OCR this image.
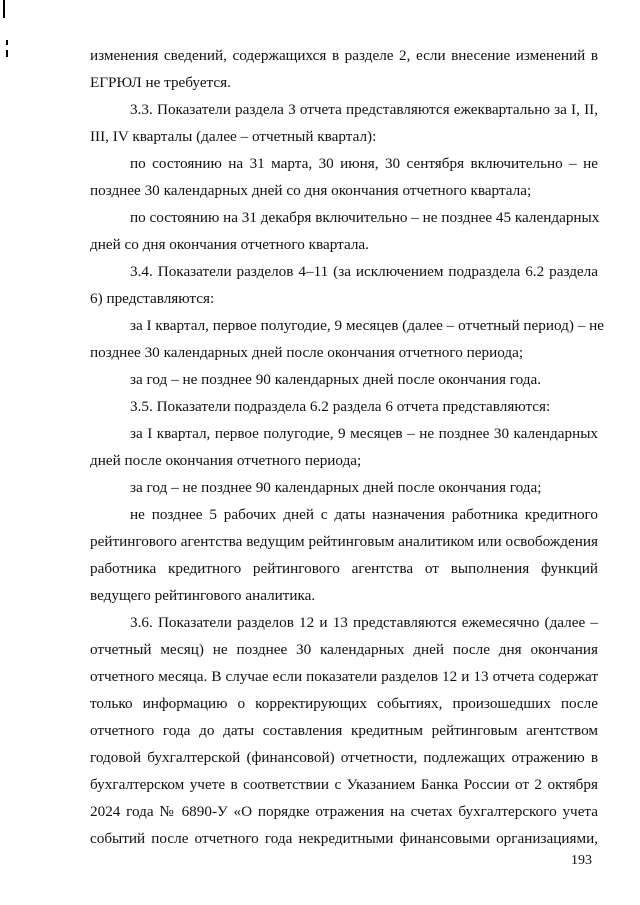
изменения сведений, содержащихся в разделе 2, если внесение изменений в
ЕГРЮЛ не требуется.
3.3. Показатели раздела 3 отчета представляются ежеквартально за I, II,
III, IV кварталы (далее – отчетный квартал):
по состоянию на 31 марта, 30 июня, 30 сентября включительно – не
позднее 30 календарных дней со дня окончания отчетного квартала;
по состоянию на 31 декабря включительно – не позднее 45 календарных
дней со дня окончания отчетного квартала.
3.4. Показатели разделов 4–11 (за исключением подраздела 6.2 раздела
6) представляются:
за I квартал, первое полугодие, 9 месяцев (далее – отчетный период) – не
позднее 30 календарных дней после окончания отчетного периода;
за год – не позднее 90 календарных дней после окончания года.
3.5. Показатели подраздела 6.2 раздела 6 отчета представляются:
за I квартал, первое полугодие, 9 месяцев – не позднее 30 календарных
дней после окончания отчетного периода;
за год – не позднее 90 календарных дней после окончания года;
не позднее 5 рабочих дней с даты назначения работника кредитного
рейтингового агентства ведущим рейтинговым аналитиком или освобождения
работника кредитного рейтингового агентства от выполнения функций
ведущего рейтингового аналитика.
3.6. Показатели разделов 12 и 13 представляются ежемесячно (далее –
отчетный месяц) не позднее 30 календарных дней после дня окончания
отчетного месяца. В случае если показатели разделов 12 и 13 отчета содержат
только информацию о корректирующих событиях, произошедших после
отчетного года до даты составления кредитным рейтинговым агентством
годовой бухгалтерской (финансовой) отчетности, подлежащих отражению в
бухгалтерском учете в соответствии с Указанием Банка России от 2 октября
2024 года № 6890-У «О порядке отражения на счетах бухгалтерского учета
событий после отчетного года некредитными финансовыми организациями,
193
